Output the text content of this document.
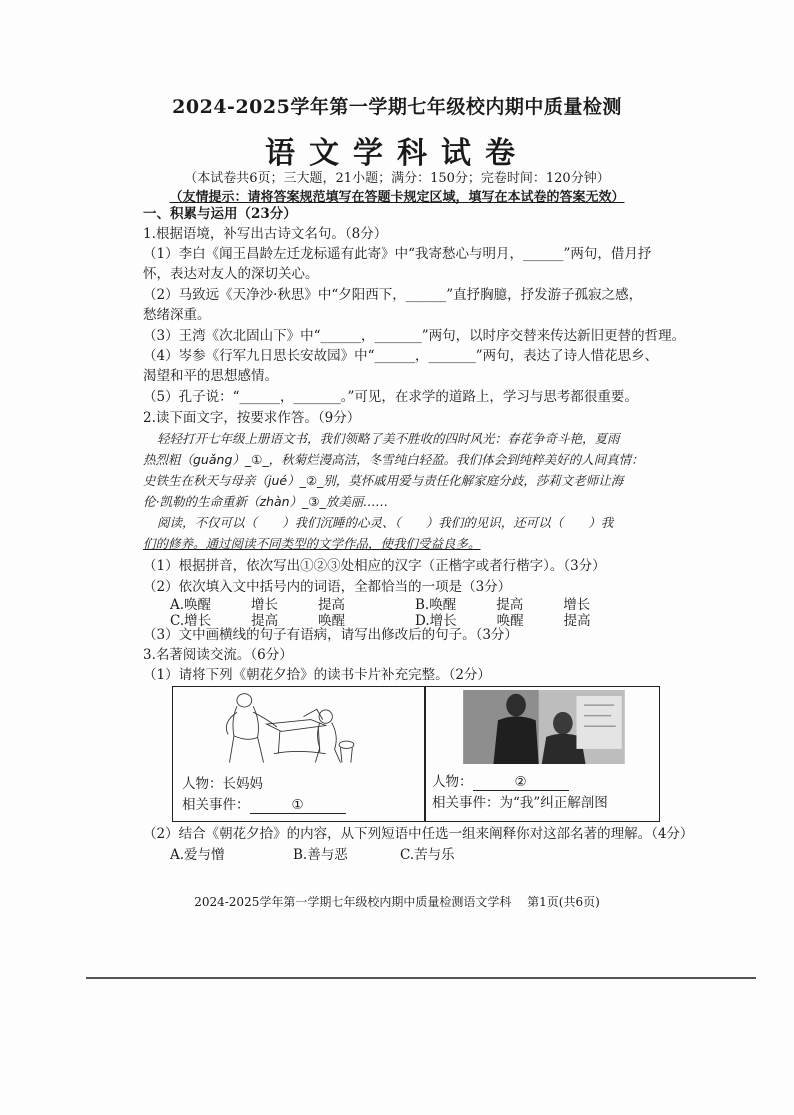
2024-2025学年第一学期七年级校内期中质量检测
语文学科试卷
（本试卷共6页；三大题，21小题；满分：150分；完卷时间：120分钟）
（友情提示：请将答案规范填写在答题卡规定区域，填写在本试卷的答案无效）
一、积累与运用（23分）
1.根据语境，补写出古诗文名句。（8分）
（1）李白《闻王昌龄左迁龙标遥有此寄》中“我寄愁心与明月，______”两句，借月抒
怀，表达对友人的深切关心。
（2）马致远《天净沙·秋思》中“夕阳西下，______”直抒胸臆，抒发游子孤寂之感，
愁绪深重。
（3）王湾《次北固山下》中“______，_______”两句，以时序交替来传达新旧更替的哲理。
（4）岑参《行军九日思长安故园》中“______，_______”两句，表达了诗人惜花思乡、
渴望和平的思想感情。
（5）孔子说：“______，_______。”可见，在求学的道路上，学习与思考都很重要。
2.读下面文字，按要求作答。（9分）
轻轻打开七年级上册语文书，我们领略了美不胜收的四时风光：春花争奇斗艳，夏雨
热烈粗（guǎng）_①_，秋菊烂漫高洁，冬雪纯白轻盈。我们体会到纯粹美好的人间真情：
史铁生在秋天与母亲（jué）_②_别，莫怀戚用爱与责任化解家庭分歧，莎莉文老师让海
伦·凯勒的生命重新（zhàn）_③_放美丽……
阅读，不仅可以（　　）我们沉睡的心灵、（　　）我们的见识，还可以（　　）我
们的修养。通过阅读不同类型的文学作品，使我们受益良多。
（1）根据拼音，依次写出①②③处相应的汉字（正楷字或者行楷字）。（3分）
（2）依次填入文中括号内的词语，全都恰当的一项是（3分）
A.唤醒	增长	提高	B.唤醒	提高	增长
C.增长	提高	唤醒	D.增长	唤醒	提高
人物：长妈妈
相关事件：	①
人物：	②
相关事件：为“我”纠正解剖图
（2）结合《朝花夕拾》的内容，从下列短语中任选一组来阐释你对这部名著的理解。（4分）
A.爱与憎	B.善与恶	C.苦与乐
2024-2025学年第一学期七年级校内期中质量检测语文学科　 第1页(共6页)
（3）文中画横线的句子有语病，请写出修改后的句子。（3分）
3.名著阅读交流。（6分）
（1）请将下列《朝花夕拾》的读书卡片补充完整。（2分）
